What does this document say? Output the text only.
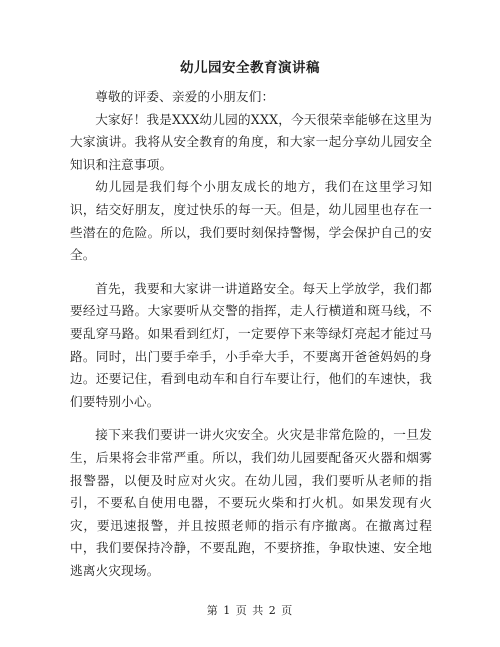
幼儿园安全教育演讲稿

尊敬的评委、亲爱的小朋友们：

大家好！我是XXX幼儿园的XXX，今天很荣幸能够在这里为大家演讲。我将从安全教育的角度，和大家一起分享幼儿园安全知识和注意事项。

幼儿园是我们每个小朋友成长的地方，我们在这里学习知识，结交好朋友，度过快乐的每一天。但是，幼儿园里也存在一些潜在的危险。所以，我们要时刻保持警惕，学会保护自己的安全。

首先，我要和大家讲一讲道路安全。每天上学放学，我们都要经过马路。大家要听从交警的指挥，走人行横道和斑马线，不要乱穿马路。如果看到红灯，一定要停下来等绿灯亮起才能过马路。同时，出门要手牵手，小手牵大手，不要离开爸爸妈妈的身边。还要记住，看到电动车和自行车要让行，他们的车速快，我们要特别小心。

接下来我们要讲一讲火灾安全。火灾是非常危险的，一旦发生，后果将会非常严重。所以，我们幼儿园要配备灭火器和烟雾报警器，以便及时应对火灾。在幼儿园，我们要听从老师的指引，不要私自使用电器，不要玩火柴和打火机。如果发现有火灾，要迅速报警，并且按照老师的指示有序撤离。在撤离过程中，我们要保持冷静，不要乱跑，不要挤推，争取快速、安全地逃离火灾现场。

第 1 页 共 2 页
